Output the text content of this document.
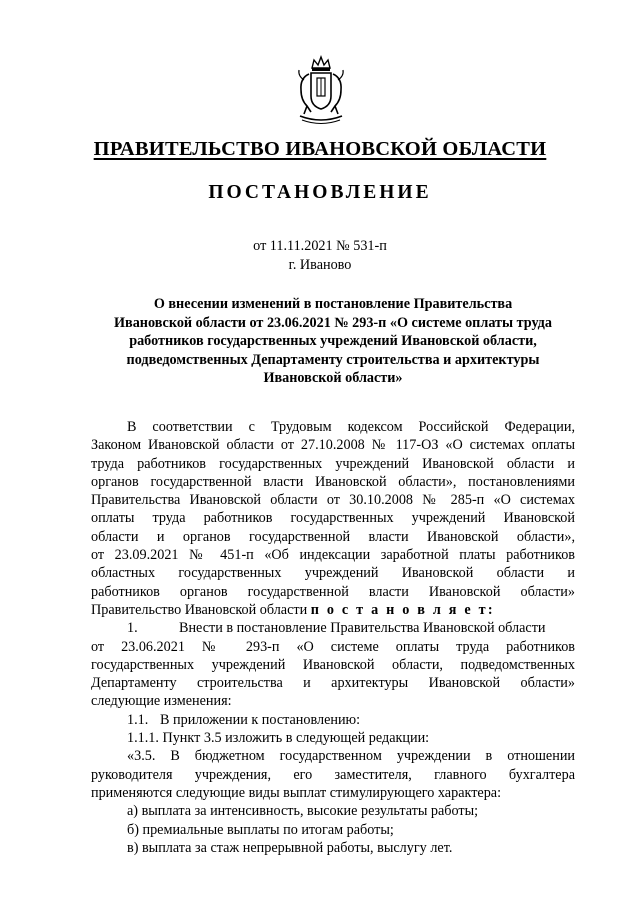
ПРАВИТЕЛЬСТВО ИВАНОВСКОЙ ОБЛАСТИ
ПОСТАНОВЛЕНИЕ
от 11.11.2021 № 531-п
г. Иваново
О внесении изменений в постановление Правительства
Ивановской области от 23.06.2021 № 293-п «О системе оплаты труда
работников государственных учреждений Ивановской области,
подведомственных Департаменту строительства и архитектуры
Ивановской области»
В соответствии с Трудовым кодексом Российской Федерации,
Законом Ивановской области от 27.10.2008 № 117-ОЗ «О системах оплаты
труда работников государственных учреждений Ивановской области и
органов государственной власти Ивановской области», постановлениями
Правительства Ивановской области от 30.10.2008 № 285-п «О системах
оплаты труда работников государственных учреждений Ивановской
области и органов государственной власти Ивановской области»,
от 23.09.2021 № 451-п «Об индексации заработной платы работников
областных государственных учреждений Ивановской области и
работников органов государственной власти Ивановской области»
Правительство Ивановской области п о с т а н о в л я е т:
1.	Внести в постановление Правительства Ивановской области
от 23.06.2021 № 293-п «О системе оплаты труда работников
государственных учреждений Ивановской области, подведомственных
Департаменту строительства и архитектуры Ивановской области»
следующие изменения:
1.1. В приложении к постановлению:
1.1.1. Пункт 3.5 изложить в следующей редакции:
«3.5. В бюджетном государственном учреждении в отношении
руководителя учреждения, его заместителя, главного бухгалтера
применяются следующие виды выплат стимулирующего характера:
а) выплата за интенсивность, высокие результаты работы;
б) премиальные выплаты по итогам работы;
в) выплата за стаж непрерывной работы, выслугу лет.
